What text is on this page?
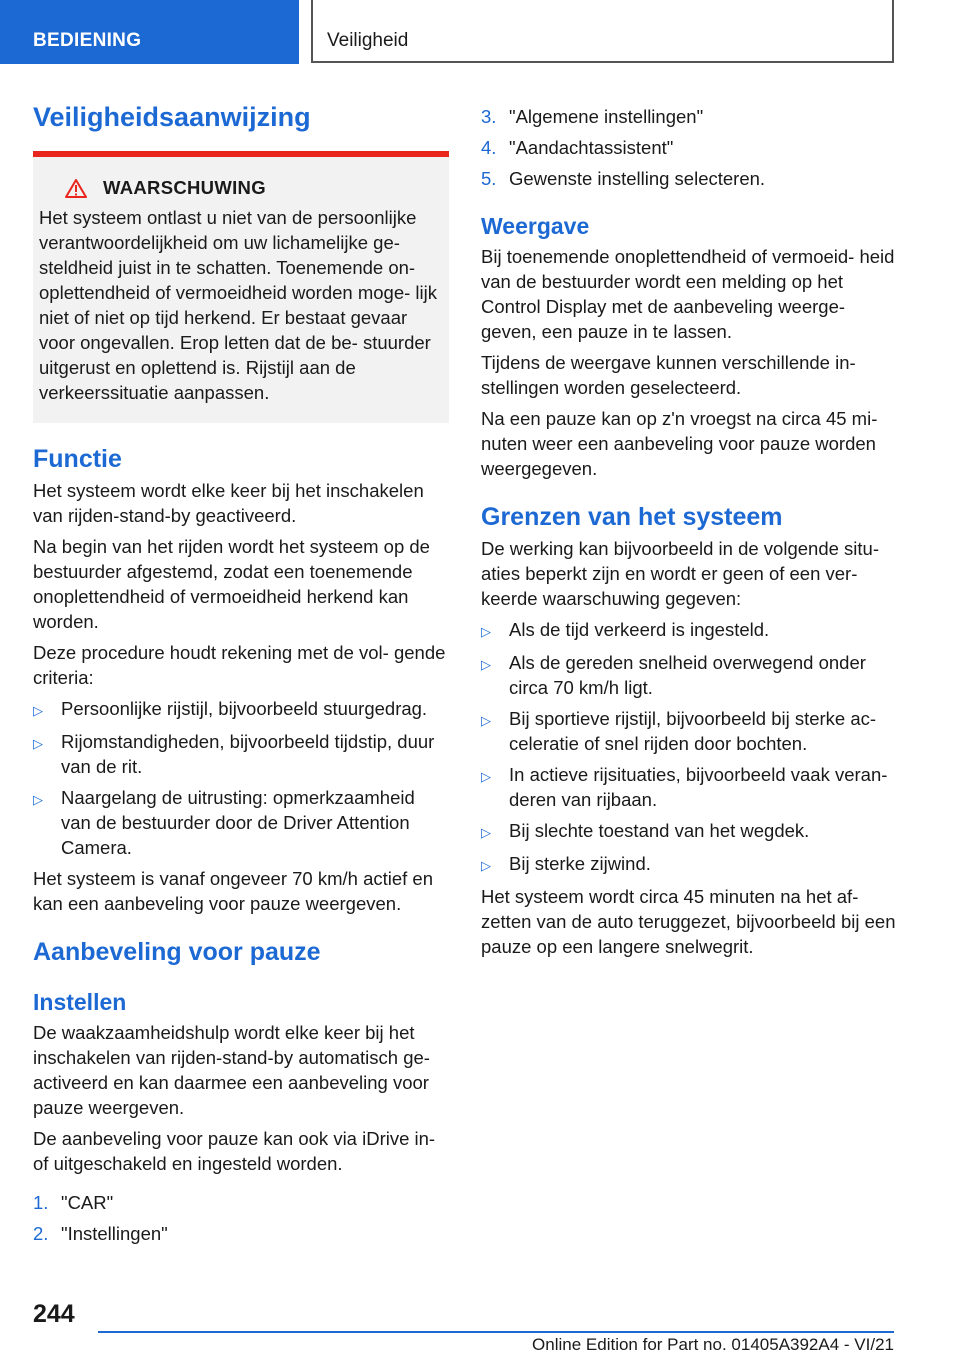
BEDIENING	Veiligheid
Veiligheidsaanwijzing
WAARSCHUWING

Het systeem ontlast u niet van de persoonlijke verantwoordelijkheid om uw lichamelijke ge- steldheid juist in te schatten. Toenemende on- oplettendheid of vermoeidheid worden moge- lijk niet of niet op tijd herkend. Er bestaat gevaar voor ongevallen. Erop letten dat de be- stuurder uitgerust en oplettend is. Rijstijl aan de verkeerssituatie aanpassen.

Functie

Het systeem wordt elke keer bij het inschakelen van rijden-stand-by geactiveerd.

Na begin van het rijden wordt het systeem op de bestuurder afgestemd, zodat een toenemende onoplettendheid of vermoeidheid herkend kan worden.

Deze procedure houdt rekening met de vol- gende criteria:

▷ Persoonlijke rijstijl, bijvoorbeeld stuurgedrag.
▷ Rijomstandigheden, bijvoorbeeld tijdstip, duur van de rit.
▷ Naargelang de uitrusting: opmerkzaamheid van de bestuurder door de Driver Attention Camera.

Het systeem is vanaf ongeveer 70 km/h actief en kan een aanbeveling voor pauze weergeven.

Aanbeveling voor pauze
Instellen

De waakzaamheidshulp wordt elke keer bij het inschakelen van rijden-stand-by automatisch ge- activeerd en kan daarmee een aanbeveling voor pauze weergeven.

De aanbeveling voor pauze kan ook via iDrive in- of uitgeschakeld en ingesteld worden.

1. "CAR"
2. "Instellingen"
3. "Algemene instellingen"
4. "Aandachtassistent"
5. Gewenste instelling selecteren.
Weergave

Bij toenemende onoplettendheid of vermoeid- heid van de bestuurder wordt een melding op het Control Display met de aanbeveling weerge- geven, een pauze in te lassen.

Tijdens de weergave kunnen verschillende in- stellingen worden geselecteerd.

Na een pauze kan op z'n vroegst na circa 45 mi- nuten weer een aanbeveling voor pauze worden weergegeven.

Grenzen van het systeem

De werking kan bijvoorbeeld in de volgende situ- aties beperkt zijn en wordt er geen of een ver- keerde waarschuwing gegeven:

▷ Als de tijd verkeerd is ingesteld.
▷ Als de gereden snelheid overwegend onder circa 70 km/h ligt.
▷ Bij sportieve rijstijl, bijvoorbeeld bij sterke ac- celeratie of snel rijden door bochten.
▷ In actieve rijsituaties, bijvoorbeeld vaak veran- deren van rijbaan.
▷ Bij slechte toestand van het wegdek.
▷ Bij sterke zijwind.

Het systeem wordt circa 45 minuten na het af- zetten van de auto teruggezet, bijvoorbeeld bij een pauze op een langere snelwegrit.

244
Online Edition for Part no. 01405A392A4 - VI/21
